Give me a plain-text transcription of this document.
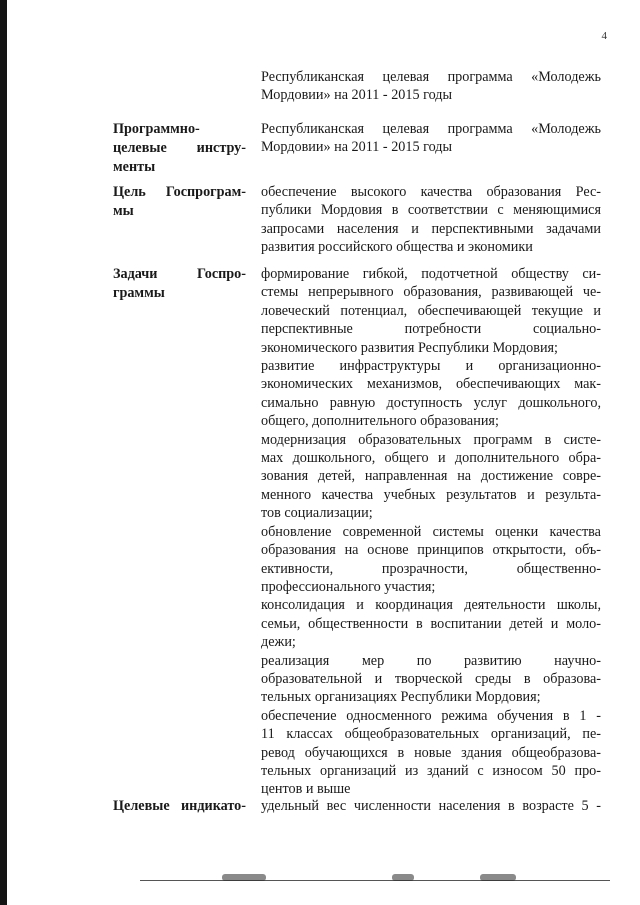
4
Республиканская целевая программа «Молодежь
Мордовии» на 2011 - 2015 годы
Программно-
целевые инстру-
менты
Республиканская целевая программа «Молодежь
Мордовии» на 2011 - 2015 годы
Цель Госпрограм-
мы
обеспечение высокого качества образования Рес-
публики Мордовия в соответствии с меняющимися
запросами населения и перспективными задачами
развития российского общества и экономики
Задачи Гоcпро-
граммы
формирование гибкой, подотчетной обществу си-
стемы непрерывного образования, развивающей че-
ловеческий потенциал, обеспечивающей текущие и
перспективные потребности социально-
экономического развития Республики Мордовия;
развитие инфраструктуры и организационно-
экономических механизмов, обеспечивающих мак-
симально равную доступность услуг дошкольного,
общего, дополнительного образования;
модернизация образовательных программ в систе-
мах дошкольного, общего и дополнительного обра-
зования детей, направленная на достижение совре-
менного качества учебных результатов и результа-
тов социализации;
обновление современной системы оценки качества
образования на основе принципов открытости, объ-
ективности, прозрачности, общественно-
профессионального участия;
консолидация и координация деятельности школы,
семьи, общественности в воспитании детей и моло-
дежи;
реализация мер по развитию научно-
образовательной и творческой среды в образова-
тельных организациях Республики Мордовия;
обеспечение односменного режима обучения в 1 -
11 классах общеобразовательных организаций, пе-
ревод обучающихся в новые здания общеобразова-
тельных организаций из зданий с износом 50 про-
центов и выше
Целевые индикато- удельный вес численности населения в возрасте 5 -
